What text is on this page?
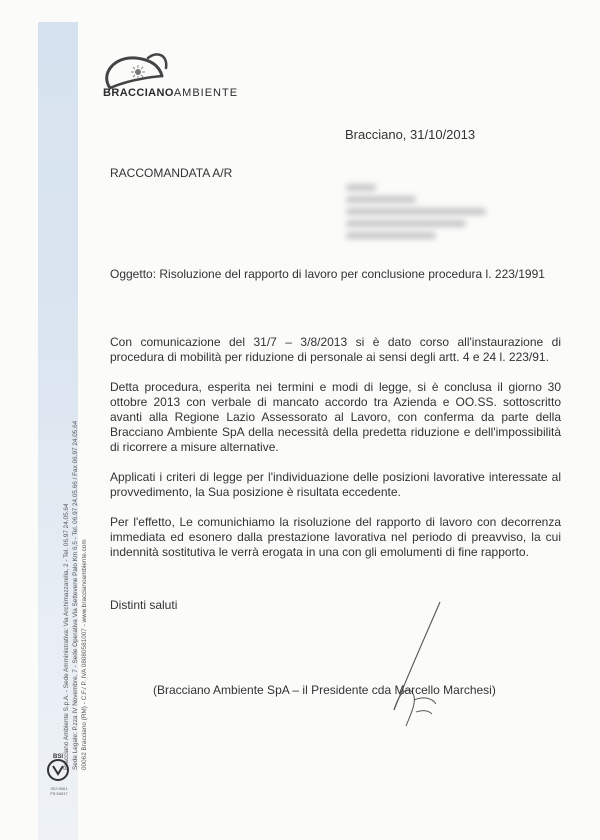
Bracciano Ambiente S.p.A. - Sede Amministrativa: Via Archimazzarella, 2 - Tel. 06.97 24.05.64 Sede Legale: P.zza IV Novembre, 7 - Sede Operativa Via Settevene Palo Km 6,5 - Tel. 06.97 24.05.66 / Fax 06.97 24.05.64 00062 Bracciano (RM) - C.F./ P. IVA 08080581007 - www.braccianoambiente.com
BRACCIANOAMBIENTE
Bracciano, 31/10/2013
RACCOMANDATA A/R
Oggetto: Risoluzione del rapporto di lavoro per conclusione procedura l. 223/1991

Con comunicazione del 31/7 – 3/8/2013 si è dato corso all'instaurazione di procedura di mobilità per riduzione di personale ai sensi degli artt. 4 e 24 l. 223/91.

Detta procedura, esperita nei termini e modi di legge, si è conclusa il giorno 30 ottobre 2013 con verbale di mancato accordo tra Azienda e OO.SS. sottoscritto avanti alla Regione Lazio Assessorato al Lavoro, con conferma da parte della Bracciano Ambiente SpA della necessità della predetta riduzione e dell'impossibilità di ricorrere a misure alternative.

Applicati i criteri di legge per l'individuazione delle posizioni lavorative interessate al provvedimento, la Sua posizione è risultata eccedente.

Per l'effetto, Le comunichiamo la risoluzione del rapporto di lavoro con decorrenza immediata ed esonero dalla prestazione lavorativa nel periodo di preavviso, la cui indennità sostitutiva le verrà erogata in una con gli emolumenti di fine rapporto.

Distinti saluti
(Bracciano Ambiente SpA – il Presidente cda Marcello Marchesi)
BSI
ISO 9001
FS 54017
